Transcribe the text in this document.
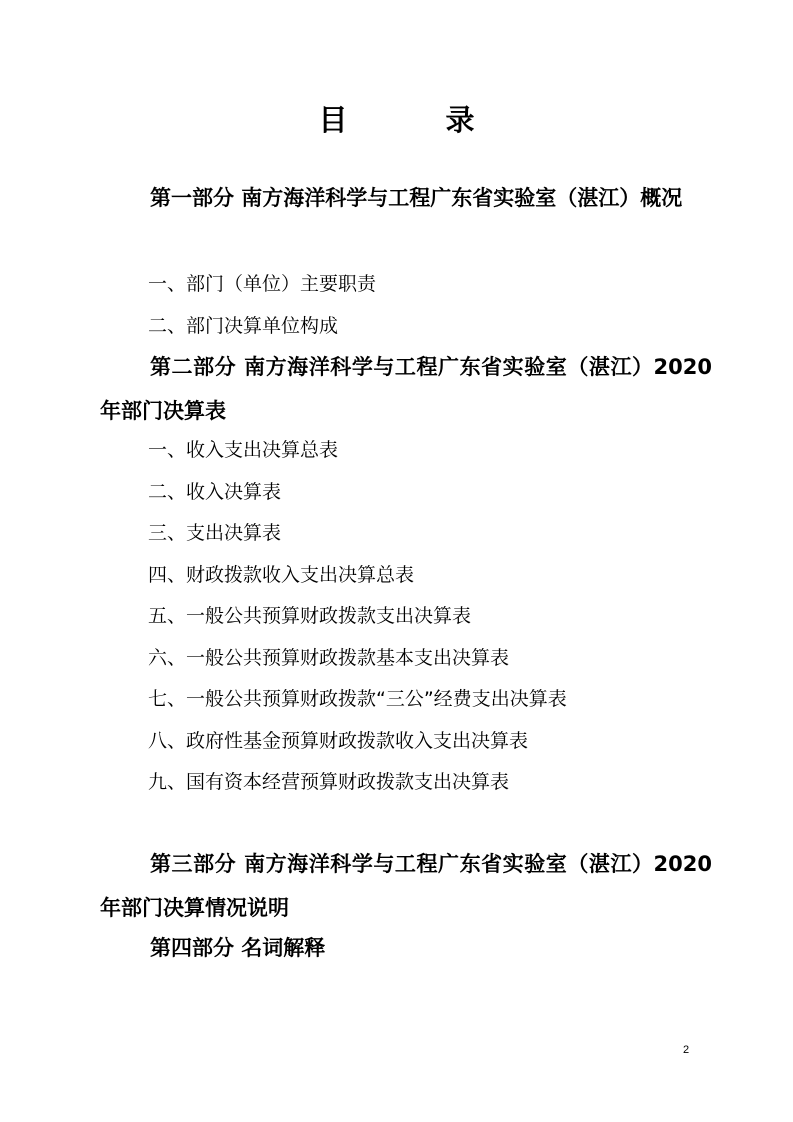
目	录
第一部分 南方海洋科学与工程广东省实验室（湛江）概况
一、部门（单位）主要职责
二、部门决算单位构成
第二部分 南方海洋科学与工程广东省实验室（湛江）2020年部门决算表
一、收入支出决算总表
二、收入决算表
三、支出决算表
四、财政拨款收入支出决算总表
五、一般公共预算财政拨款支出决算表
六、一般公共预算财政拨款基本支出决算表
七、一般公共预算财政拨款“三公”经费支出决算表
八、政府性基金预算财政拨款收入支出决算表
九、国有资本经营预算财政拨款支出决算表
第三部分 南方海洋科学与工程广东省实验室（湛江）2020年部门决算情况说明
第四部分 名词解释
2
